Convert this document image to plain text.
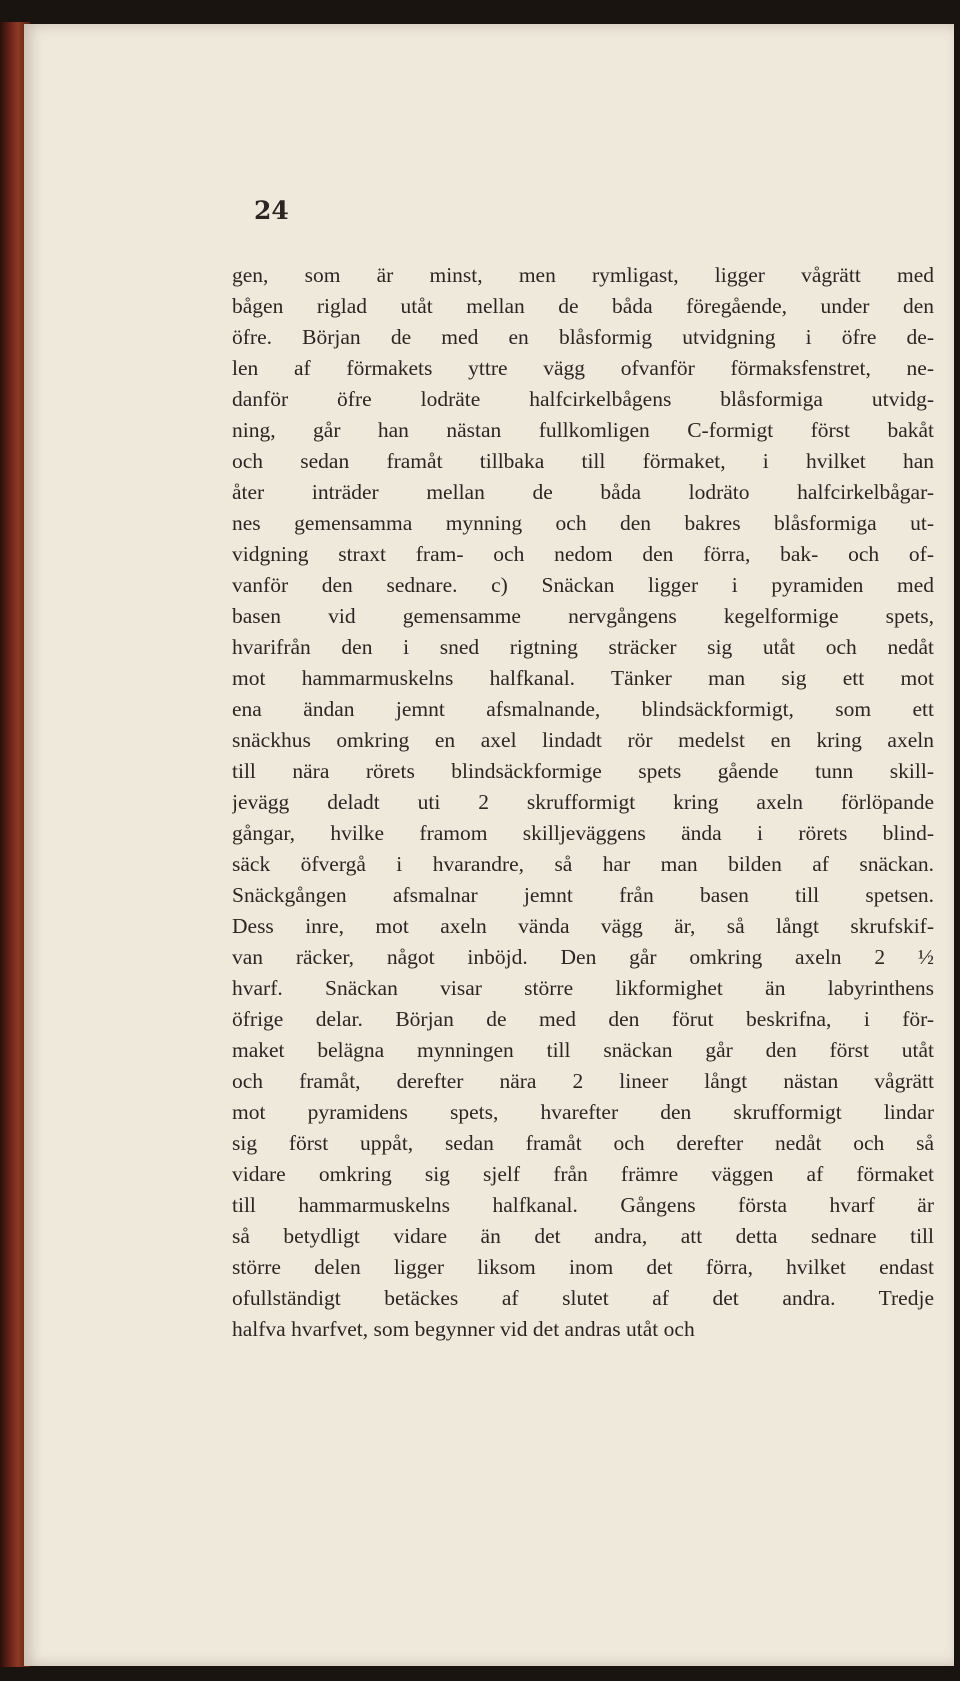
24
gen, som är minst, men rymligast, ligger vågrätt med
bågen riglad utåt mellan de båda föregående, under den
öfre. Början de med en blåsformig utvidgning i öfre de-
len af förmakets yttre vägg ofvanför förmaksfenstret, ne-
danför öfre lodräte halfcirkelbågens blåsformiga utvidg-
ning, går han nästan fullkomligen C-formigt först bakåt
och sedan framåt tillbaka till förmaket, i hvilket han
åter inträder mellan de båda lodräto halfcirkelbågar-
nes gemensamma mynning och den bakres blåsformiga ut-
vidgning straxt fram- och nedom den förra, bak- och of-
vanför den sednare. c) Snäckan ligger i pyramiden med
basen vid gemensamme nervgångens kegelformige spets,
hvarifrån den i sned rigtning sträcker sig utåt och nedåt
mot hammarmuskelns halfkanal. Tänker man sig ett mot
ena ändan jemnt afsmalnande, blindsäckformigt, som ett
snäckhus omkring en axel lindadt rör medelst en kring axeln
till nära rörets blindsäckformige spets gående tunn skill-
jevägg deladt uti 2 skrufformigt kring axeln förlöpande
gångar, hvilke framom skilljeväggens ända i rörets blind-
säck öfvergå i hvarandre, så har man bilden af snäckan.
Snäckgången afsmalnar jemnt från basen till spetsen.
Dess inre, mot axeln vända vägg är, så långt skrufskif-
van räcker, något inböjd. Den går omkring axeln 2 ½
hvarf. Snäckan visar större likformighet än labyrinthens
öfrige delar. Början de med den förut beskrifna, i för-
maket belägna mynningen till snäckan går den först utåt
och framåt, derefter nära 2 lineer långt nästan vågrätt
mot pyramidens spets, hvarefter den skrufformigt lindar
sig först uppåt, sedan framåt och derefter nedåt och så
vidare omkring sig sjelf från främre väggen af förmaket
till hammarmuskelns halfkanal. Gångens första hvarf är
så betydligt vidare än det andra, att detta sednare till
större delen ligger liksom inom det förra, hvilket endast
ofullständigt betäckes af slutet af det andra. Tredje
halfva hvarfvet, som begynner vid det andras utåt och
